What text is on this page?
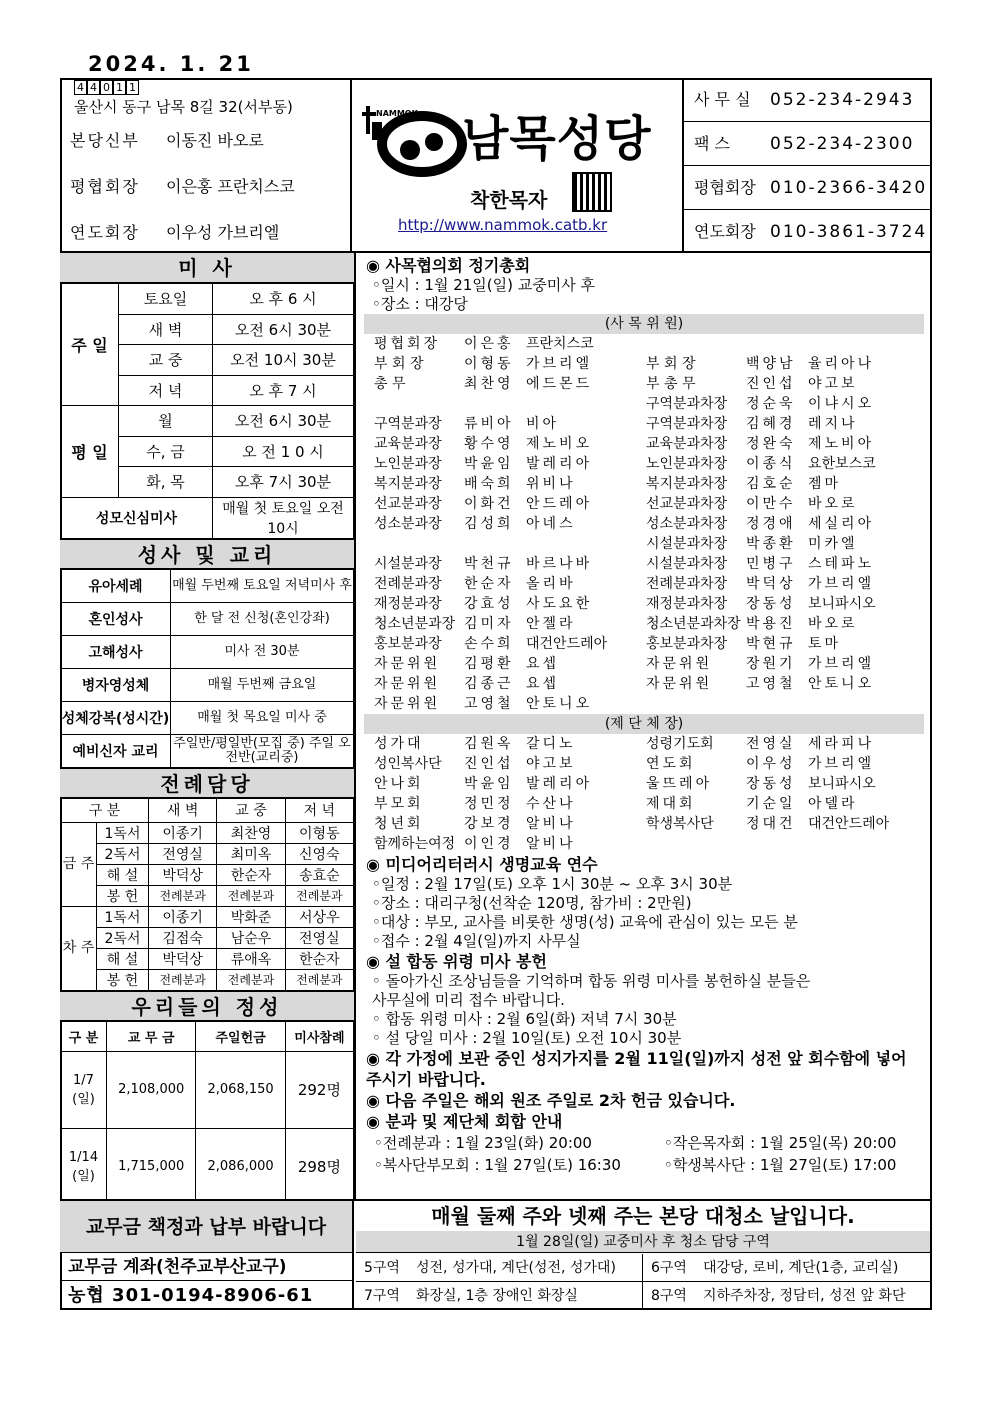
2024. 1. 21
4 4 0 1 1
울산시 동구 남목 8길 32(서부동)
본당신부 이동진 바오로
평협회장 이은홍 프란치스코
연도회장 이우성 가브리엘
NAMMOK 남목성당
착한목자
http://www.nammok.catb.kr
사 무 실 052-234-2943
팩 스 052-234-2300
평협회장 010-2366-3420
연도회장 010-3861-3724
미 사
주 일	토요일	오 후 6 시
	새 벽	오전 6시 30분
	교 중	오전 10시 30분
	저 녁	오 후 7 시
평 일	월	오전 6시 30분
	수, 금	오 전 1 0 시
	화, 목	오후 7시 30분
성모신심미사		매월 첫 토요일 오전 10시
성사 및 교리
유아세례	매월 두번째 토요일 저녁미사 후
혼인성사	한 달 전 신청(혼인강좌)
고해성사	미사 전 30분
병자영성체	매월 두번째 금요일
성체강복(성시간)	매월 첫 목요일 미사 중
예비신자 교리	주일반/평일반(모집 중) 주일 오전반(교리중)
전례담당
구 분		새 벽	교 중	저 녁
금 주	1독서	이종기	최찬영	이형동
	2독서	전영실	최미옥	신영숙
	해 설	박덕상	한순자	송효순
	봉 헌	전례분과	전례분과	전례분과
차 주	1독서	이종기	박화준	서상우
	2독서	김점숙	남순우	전영실
	해 설	박덕상	류애옥	한순자
	봉 헌	전례분과	전례분과	전례분과
우리들의 정성
구 분	교 무 금	주일헌금	미사참례
1/7 (일)	2,108,000	2,068,150	292명
1/14 (일)	1,715,000	2,086,000	298명
◉ 사목협의회 정기총회
◦일시 : 1월 21일(일) 교중미사 후
◦장소 : 대강당
(사 목 위 원)
평협회장	이은홍 프란치스코
부 회 장	이형동 가브리엘	부 회 장	백양남 율리아나
총 무	최찬영 에드몬드	부 총 무	진인섭 야고보
구역분과차장	정순욱 이냐시오
구역분과장	류비아 비아	구역분과차장	김혜경 레지나
교육분과장	황수영 제노비오	교육분과차장	정완숙 제노비아
노인분과장	박윤임 발레리아	노인분과차장	이종식 요한보스코
복지분과장	배숙희 위비나	복지분과차장	김호순 젬마
선교분과장	이화건 안드레아	선교분과차장	이만수 바오로
성소분과장	김성희 아네스	성소분과차장	정경애 세실리아
시설분과차장	박종환 미카엘
시설분과장	박천규 바르나바	시설분과차장	민병구 스테파노
전례분과장	한순자 올리바	전례분과차장	박덕상 가브리엘
재정분과장	강효성 사도요한	재정분과차장	장동성 보니파시오
청소년분과장 김미자 안젤라	청소년분과차장 박용진 바오로
홍보분과장	손수희 대건안드레아	홍보분과차장	박현규 토마
자문위원	김평환 요셉	자문위원	장원기 가브리엘
자문위원	김종근 요셉	자문위원	고영철 안토니오
자문위원	고영철 안토니오
(제 단 체 장)
성가대	김원옥 갈디노	성령기도회	전영실 세라피나
성인복사단	진인섭 야고보	연도회	이우성 가브리엘
안나회	박윤임 발레리아	울뜨레아	장동성 보니파시오
부모회	정민정 수산나	제대회	기순일 아델라
청년회	강보경 알비나	학생복사단	정대건 대건안드레아
함께하는여정 이인경 알비나
◉ 미디어리터러시 생명교육 연수
◦일정 : 2월 17일(토) 오후 1시 30분 ~ 오후 3시 30분
◦장소 : 대리구청(선착순 120명, 참가비 : 2만원)
◦대상 : 부모, 교사를 비롯한 생명(성) 교육에 관심이 있는 모든 분
◦접수 : 2월 4일(일)까지 사무실
◉ 설 합동 위령 미사 봉헌
◦ 돌아가신 조상님들을 기억하며 합동 위령 미사를 봉헌하실 분들은
사무실에 미리 접수 바랍니다.
◦ 합동 위령 미사 : 2월 6일(화) 저녁 7시 30분
◦ 설 당일 미사 : 2월 10일(토) 오전 10시 30분
◉ 각 가정에 보관 중인 성지가지를 2월 11일(일)까지 성전 앞 회수함에 넣어 주시기 바랍니다.
◉ 다음 주일은 해외 원조 주일로 2차 헌금 있습니다.
◉ 분과 및 제단체 회합 안내
◦전례분과 : 1월 23일(화) 20:00	◦작은목자회 : 1월 25일(목) 20:00
◦복사단부모회 : 1월 27일(토) 16:30	◦학생복사단 : 1월 27일(토) 17:00
교무금 책정과 납부 바랍니다
교무금 계좌(천주교부산교구)
농협 301-0194-8906-61
매월 둘째 주와 넷째 주는 본당 대청소 날입니다.
1월 28일(일) 교중미사 후 청소 담당 구역
5구역 성전, 성가대, 계단(성전, 성가대)	6구역 대강당, 로비, 계단(1층, 교리실)
7구역 화장실, 1층 장애인 화장실	8구역 지하주차장, 정담터, 성전 앞 화단
